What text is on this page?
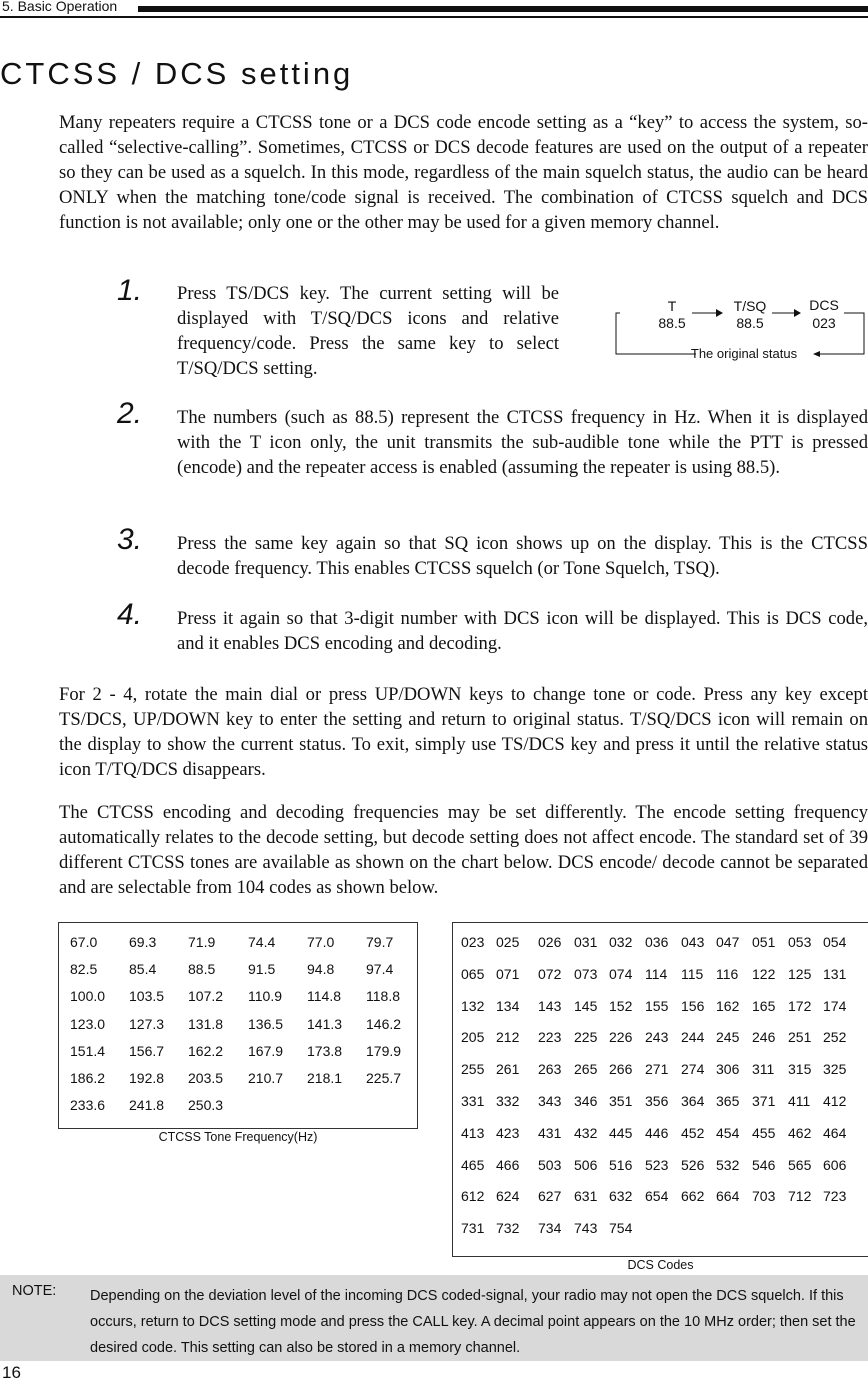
5. Basic Operation
CTCSS / DCS setting
Many repeaters require a CTCSS tone or a DCS code encode setting as a “key” to access the system, so-called “selective-calling”. Sometimes, CTCSS or DCS decode features are used on the output of a repeater so they can be used as a squelch. In this mode, regardless of the main squelch status, the audio can be heard ONLY when the matching tone/code signal is received. The combination of CTCSS squelch and DCS function is not available; only one or the other may be used for a given memory channel.
1. Press TS/DCS key. The current setting will be displayed with T/SQ/DCS icons and relative frequency/code. Press the same key to select T/SQ/DCS setting.
2. The numbers (such as 88.5) represent the CTCSS frequency in Hz. When it is displayed with the T icon only, the unit transmits the sub-audible tone while the PTT is pressed (encode) and the repeater access is enabled (assuming the repeater is using 88.5).
3. Press the same key again so that SQ icon shows up on the display. This is the CTCSS decode frequency. This enables CTCSS squelch (or Tone Squelch, TSQ).
4. Press it again so that 3-digit number with DCS icon will be displayed. This is DCS code, and it enables DCS encoding and decoding.
T
88.5
T/SQ
88.5
DCS
023
The original status
For 2 - 4, rotate the main dial or press UP/DOWN keys to change tone or code. Press any key except TS/DCS, UP/DOWN key to enter the setting and return to original status. T/SQ/DCS icon will remain on the display to show the current status. To exit, simply use TS/DCS key and press it until the relative status icon T/TQ/DCS disappears.
The CTCSS encoding and decoding frequencies may be set differently. The encode setting frequency automatically relates to the decode setting, but decode setting does not affect encode. The standard set of 39 different CTCSS tones are available as shown on the chart below. DCS encode/ decode cannot be separated and are selectable from 104 codes as shown below.
67.0 69.3 71.9 74.4 77.0 79.7
82.5 85.4 88.5 91.5 94.8 97.4
100.0 103.5 107.2 110.9 114.8 118.8
123.0 127.3 131.8 136.5 141.3 146.2
151.4 156.7 162.2 167.9 173.8 179.9
186.2 192.8 203.5 210.7 218.1 225.7
233.6 241.8 250.3
CTCSS Tone Frequency(Hz)
023 025 026 031 032 036 043 047 051 053 054
065 071 072 073 074 114 115 116 122 125 131
132 134 143 145 152 155 156 162 165 172 174
205 212 223 225 226 243 244 245 246 251 252
255 261 263 265 266 271 274 306 311 315 325
331 332 343 346 351 356 364 365 371 411 412
413 423 431 432 445 446 452 454 455 462 464
465 466 503 506 516 523 526 532 546 565 606
612 624 627 631 632 654 662 664 703 712 723
731 732 734 743 754
DCS Codes
NOTE: Depending on the deviation level of the incoming DCS coded-signal, your radio may not open the DCS squelch. If this occurs, return to DCS setting mode and press the CALL key. A decimal point appears on the 10 MHz order; then set the desired code. This setting can also be stored in a memory channel.
16
